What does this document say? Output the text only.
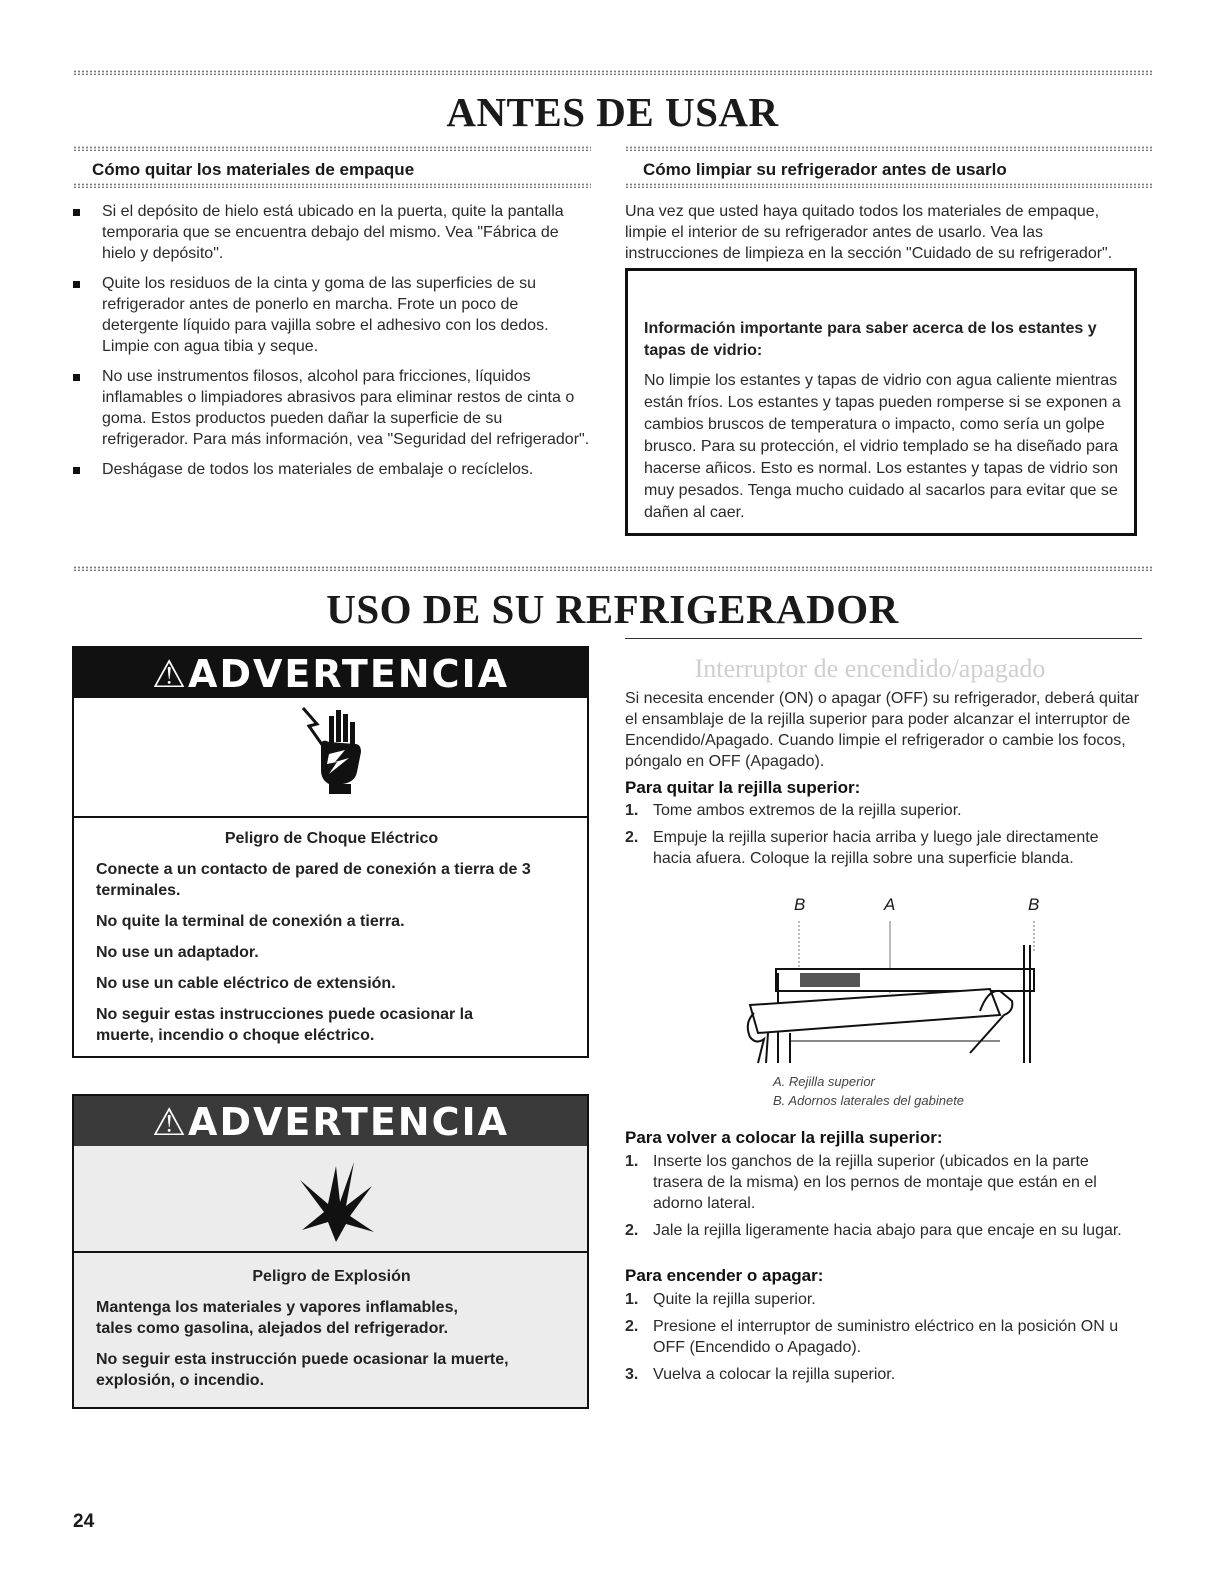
ANTES DE USAR
Cómo quitar los materiales de empaque
Si el depósito de hielo está ubicado en la puerta, quite la pantalla temporaria que se encuentra debajo del mismo. Vea "Fábrica de hielo y depósito".
Quite los residuos de la cinta y goma de las superficies de su refrigerador antes de ponerlo en marcha. Frote un poco de detergente líquido para vajilla sobre el adhesivo con los dedos. Limpie con agua tibia y seque.
No use instrumentos filosos, alcohol para fricciones, líquidos inflamables o limpiadores abrasivos para eliminar restos de cinta o goma. Estos productos pueden dañar la superficie de su refrigerador. Para más información, vea "Seguridad del refrigerador".
Deshágase de todos los materiales de embalaje o recíclelos.
Cómo limpiar su refrigerador antes de usarlo

Una vez que usted haya quitado todos los materiales de empaque, limpie el interior de su refrigerador antes de usarlo. Vea las instrucciones de limpieza en la sección "Cuidado de su refrigerador".

Información importante para saber acerca de los estantes y tapas de vidrio:
No limpie los estantes y tapas de vidrio con agua caliente mientras están fríos. Los estantes y tapas pueden romperse si se exponen a cambios bruscos de temperatura o impacto, como sería un golpe brusco. Para su protección, el vidrio templado se ha diseñado para hacerse añicos. Esto es normal. Los estantes y tapas de vidrio son muy pesados. Tenga mucho cuidado al sacarlos para evitar que se dañen al caer.
USO DE SU REFRIGERADOR
⚠ADVERTENCIA

Peligro de Choque Eléctrico

Conecte a un contacto de pared de conexión a tierra de 3 terminales.

No quite la terminal de conexión a tierra.

No use un adaptador.

No use un cable eléctrico de extensión.

No seguir estas instrucciones puede ocasionar la muerte, incendio o choque eléctrico.

⚠ADVERTENCIA

Peligro de Explosión

Mantenga los materiales y vapores inflamables, tales como gasolina, alejados del refrigerador.

No seguir esta instrucción puede ocasionar la muerte, explosión, o incendio.

Interruptor de encendido/apagado

Si necesita encender (ON) o apagar (OFF) su refrigerador, deberá quitar el ensamblaje de la rejilla superior para poder alcanzar el interruptor de Encendido/Apagado. Cuando limpie el refrigerador o cambie los focos, póngalo en OFF (Apagado).

Para quitar la rejilla superior:
1. Tome ambos extremos de la rejilla superior.
2. Empuje la rejilla superior hacia arriba y luego jale directamente hacia afuera. Coloque la rejilla sobre una superficie blanda.
B	A	B
A. Rejilla superior
B. Adornos laterales del gabinete
Para volver a colocar la rejilla superior:
1. Inserte los ganchos de la rejilla superior (ubicados en la parte trasera de la misma) en los pernos de montaje que están en el adorno lateral.
2. Jale la rejilla ligeramente hacia abajo para que encaje en su lugar.
Para encender o apagar:
1. Quite la rejilla superior.
2. Presione el interruptor de suministro eléctrico en la posición ON u OFF (Encendido o Apagado).
3. Vuelva a colocar la rejilla superior.
24
